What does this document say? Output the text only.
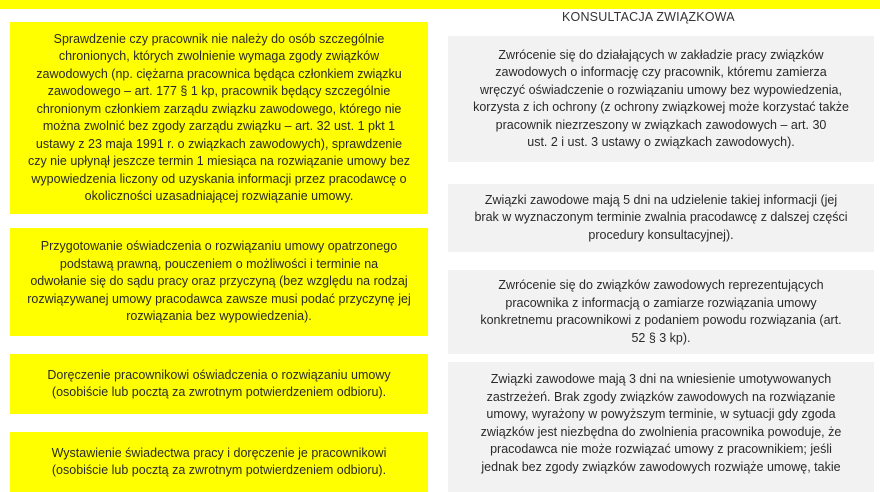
KONSULTACJA ZWIĄZKOWA
Sprawdzenie czy pracownik nie należy do osób szczególnie
chronionych, których zwolnienie wymaga zgody związków
zawodowych (np. ciężarna pracownica będąca członkiem związku
zawodowego – art. 177 § 1 kp, pracownik będący szczególnie
chronionym członkiem zarządu związku zawodowego, którego nie
można zwolnić bez zgody zarządu związku – art. 32 ust. 1 pkt 1
ustawy z 23 maja 1991 r. o związkach zawodowych), sprawdzenie
czy nie upłynął jeszcze termin 1 miesiąca na rozwiązanie umowy bez
wypowiedzenia liczony od uzyskania informacji przez pracodawcę o
okoliczności uzasadniającej rozwiązanie umowy.
Przygotowanie oświadczenia o rozwiązaniu umowy opatrzonego
podstawą prawną, pouczeniem o możliwości i terminie na
odwołanie się do sądu pracy oraz przyczyną (bez względu na rodzaj
rozwiązywanej umowy pracodawca zawsze musi podać przyczynę jej
rozwiązania bez wypowiedzenia).
Doręczenie pracownikowi oświadczenia o rozwiązaniu umowy
(osobiście lub pocztą za zwrotnym potwierdzeniem odbioru).
Wystawienie świadectwa pracy i doręczenie je pracownikowi
(osobiście lub pocztą za zwrotnym potwierdzeniem odbioru).
Zwrócenie się do działających w zakładzie pracy związków
zawodowych o informację czy pracownik, któremu zamierza
wręczyć oświadczenie o rozwiązaniu umowy bez wypowiedzenia,
korzysta z ich ochrony (z ochrony związkowej może korzystać także
pracownik niezrzeszony w związkach zawodowych – art. 30
ust. 2 i ust. 3 ustawy o związkach zawodowych).
Związki zawodowe mają 5 dni na udzielenie takiej informacji (jej
brak w wyznaczonym terminie zwalnia pracodawcę z dalszej części
procedury konsultacyjnej).
Zwrócenie się do związków zawodowych reprezentujących
pracownika z informacją o zamiarze rozwiązania umowy
konkretnemu pracownikowi z podaniem powodu rozwiązania (art.
52 § 3 kp).
Związki zawodowe mają 3 dni na wniesienie umotywowanych
zastrzeżeń. Brak zgody związków zawodowych na rozwiązanie
umowy, wyrażony w powyższym terminie, w sytuacji gdy zgoda
związków jest niezbędna do zwolnienia pracownika powoduje, że
pracodawca nie może rozwiązać umowy z pracownikiem; jeśli
jednak bez zgody związków zawodowych rozwiąże umowę, takie
